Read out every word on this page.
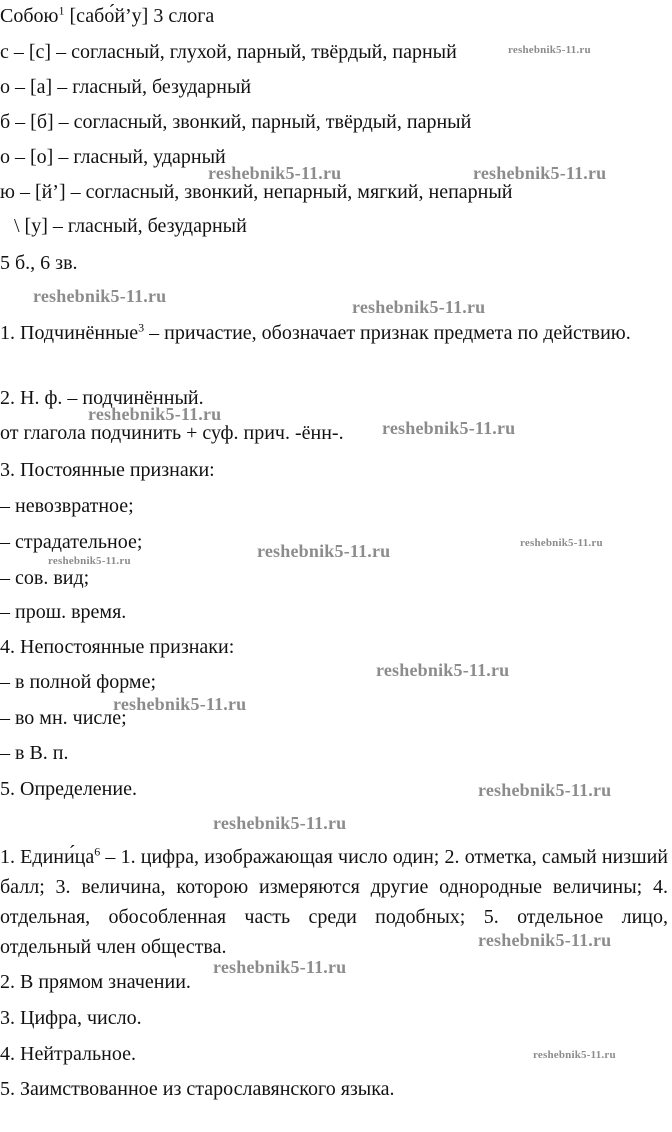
Собою$^1$ [сабо́й’у] 3 слога
с – [с] – согласный, глухой, парный, твёрдый, парный
о – [а] – гласный, безударный
б – [б] – согласный, звонкий, парный, твёрдый, парный
о – [о] – гласный, ударный
ю – [й’] – согласный, звонкий, непарный, мягкий, непарный
\ [у] – гласный, безударный
5 б., 6 зв.
1. Подчинённые$^3$ – причастие, обозначает признак предмета по действию.
2. Н. ф. – подчинённый.
от глагола подчинить + суф. прич. -ённ-.
3. Постоянные признаки:
– невозвратное;
– страдательное;
– сов. вид;
– прош. время.
4. Непостоянные признаки:
– в полной форме;
– во мн. числе;
– в В. п.
5. Определение.
1. $Едини́ца^6 - 1$. цифра, изображающая число один; 2. отметка, самый низший балл; 3. величина, которою измеряются другие однородные величины; 4. отдельная, обособленная часть среди подобных; 5. отдельное лицо, отдельный член общества.
2. В прямом значении.
3. Цифра, число.
4. Нейтральное.
5. Заимствованное из старославянского языка.
reshebnik5-11.ru
reshebnik5-11.ru	reshebnik5-11.ru
reshebnik5-11.ru
reshebnik5-11.ru
reshebnik5-11.ru
reshebnik5-11.ru
reshebnik5-11.ru
reshebnik5-11.ru
reshebnik5-11.ru
reshebnik5-11.ru
reshebnik5-11.ru
reshebnik5-11.ru
reshebnik5-11.ru
reshebnik5-11.ru
reshebnik5-11.ru
reshebnik5-11.ru
